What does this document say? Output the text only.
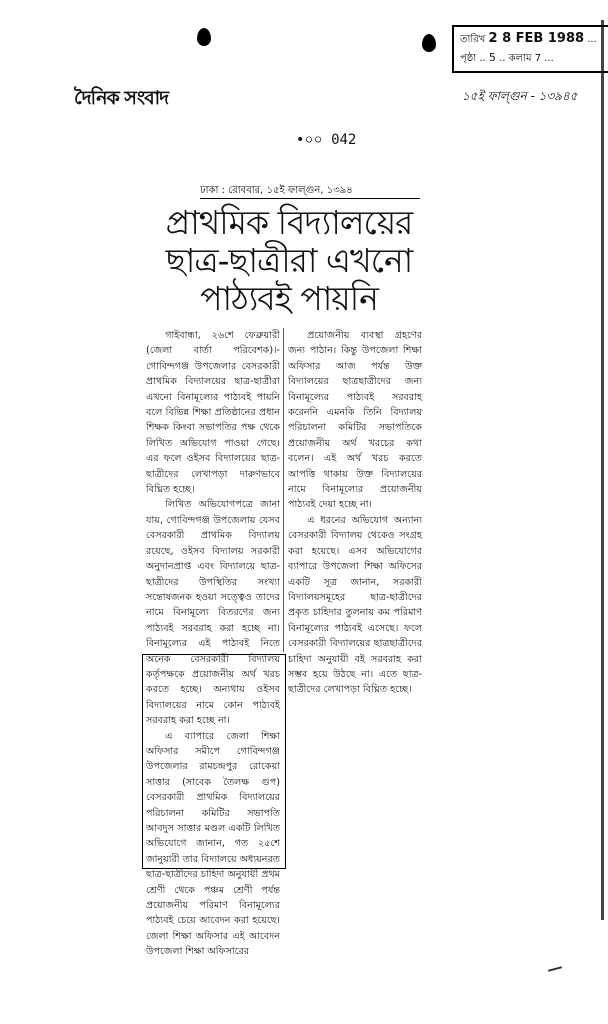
দৈনিক সংবাদ
•০০ 042
তারিখ 2 8 FEB 1988 ...
পৃষ্ঠা .. 5 .. কলাম 7 ...
১৫ই ফাল্গুন - ১৩৯৪৫
ঢাকা : রোববার, ১৫ই ফাল্গুন, ১৩৯৪
প্রাথমিক বিদ্যালয়ের
ছাত্র-ছাত্রীরা এখনো
পাঠ্যবই পায়নি

গাইবান্ধা, ২৬শে ফেব্রুয়ারী (জেলা বার্তা পরিবেশক)।-গোবিন্দগঞ্জ উপজেলার বেসরকারী প্রাথমিক বিদ্যালয়ের ছাত্র-ছাত্রীরা এখনো বিনামূল্যের পাঠ্যবই পায়নি বলে বিভিন্ন শিক্ষা প্রতিষ্ঠানের প্রধান শিক্ষক কিংবা সভাপতির পক্ষ থেকে লিখিত অভিযোগ পাওয়া গেছে। এর ফলে ওইসব বিদ্যালয়ের ছাত্র-ছাত্রীদের লেখাপড়া দারুণভাবে বিঘ্নিত হচ্ছে।

লিখিত অভিযোগপত্রে জানা যায়, গোবিন্দগঞ্জ উপজেলায় যেসব বেসরকারী প্রাথমিক বিদ্যালয় রয়েছে, ওইসব বিদ্যালয় সরকারী অনুদানপ্রাপ্ত এবং বিদ্যালয়ে ছাত্র-ছাত্রীদের উপস্থিতির সংখ্যা সন্তোষজনক হওয়া সত্ত্বেও তাদের নামে বিনামূল্যে বিতরণের জন্য পাঠ্যবই সরবরাহ করা হচ্ছে না। বিনামূল্যের এই পাঠ্যবই নিতে অনেক বেসরকারী বিদ্যালয় কর্তৃপক্ষকে প্রয়োজনীয় অর্থ খরচ করতে হচ্ছে। অন্যথায় ওইসব বিদ্যালয়ের নামে কোন পাঠ্যবই সরবরাহ করা হচ্ছে না।

এ ব্যাপারে জেলা শিক্ষা অফিসার সমীপে গোবিন্দগঞ্জ উপজেলার রামচন্দ্রপুর রোকেয়া সাত্তার (সাবেক তৈলক্ষ গুপ) বেসরকারী প্রাথমিক বিদ্যালয়ের পরিচালনা কমিটির সভাপতি আবদুস সাত্তার মণ্ডল একটি লিখিত অভিযোগে জানান, গত ২৫শে জানুয়ারী তার বিদ্যালয়ে অধ্যয়নরত ছাত্র-ছাত্রীদের চাহিদা অনুযায়ী প্রথম শ্রেণী থেকে পঞ্চম শ্রেণী পর্যন্ত প্রয়োজনীয় পরিমাণ বিনামূল্যের পাঠ্যবই চেয়ে আবেদন করা হয়েছে। জেলা শিক্ষা অফিসার এই আবেদন উপজেলা শিক্ষা অফিসারের

প্রয়োজনীয় ব্যবস্থা গ্রহণের জন্য পাঠান। কিন্তু উপজেলা শিক্ষা অফিসার আজ পর্যন্ত উক্ত বিদ্যালয়ের ছাত্রছাত্রীদের জন্য বিনামূল্যের পাঠ্যবই সরবরাহ করেননি এমনকি তিনি বিদ্যালয় পরিচালনা কমিটির সভাপতিকে প্রয়োজনীয় অর্থ খরচের কথা বলেন। এই অর্থ খরচ করতে আপত্তি থাকায় উক্ত বিদ্যালয়ের নামে বিনামূল্যের প্রয়োজনীয় পাঠ্যবই দেয়া হচ্ছে না।

এ ধরনের অভিযোগ অন্যান্য বেসরকারী বিদ্যালয় থেকেও সংগ্রহ করা হয়েছে। এসব অভিযোগের ব্যাপারে উপজেলা শিক্ষা অফিসের একটি সূত্র জানান, সরকারী বিদ্যালয়সমূহের ছাত্র-ছাত্রীদের প্রকৃত চাহিদার তুলনায় কম পরিমাণ বিনামূল্যের পাঠ্যবই এসেছে। ফলে বেসরকারী বিদ্যালয়ের ছাত্রছাত্রীদের চাহিদা অনুযায়ী বই সরবরাহ করা সম্ভব হয়ে উঠছে না। এতে ছাত্র-ছাত্রীদের লেখাপড়া বিঘ্নিত হচ্ছে।
